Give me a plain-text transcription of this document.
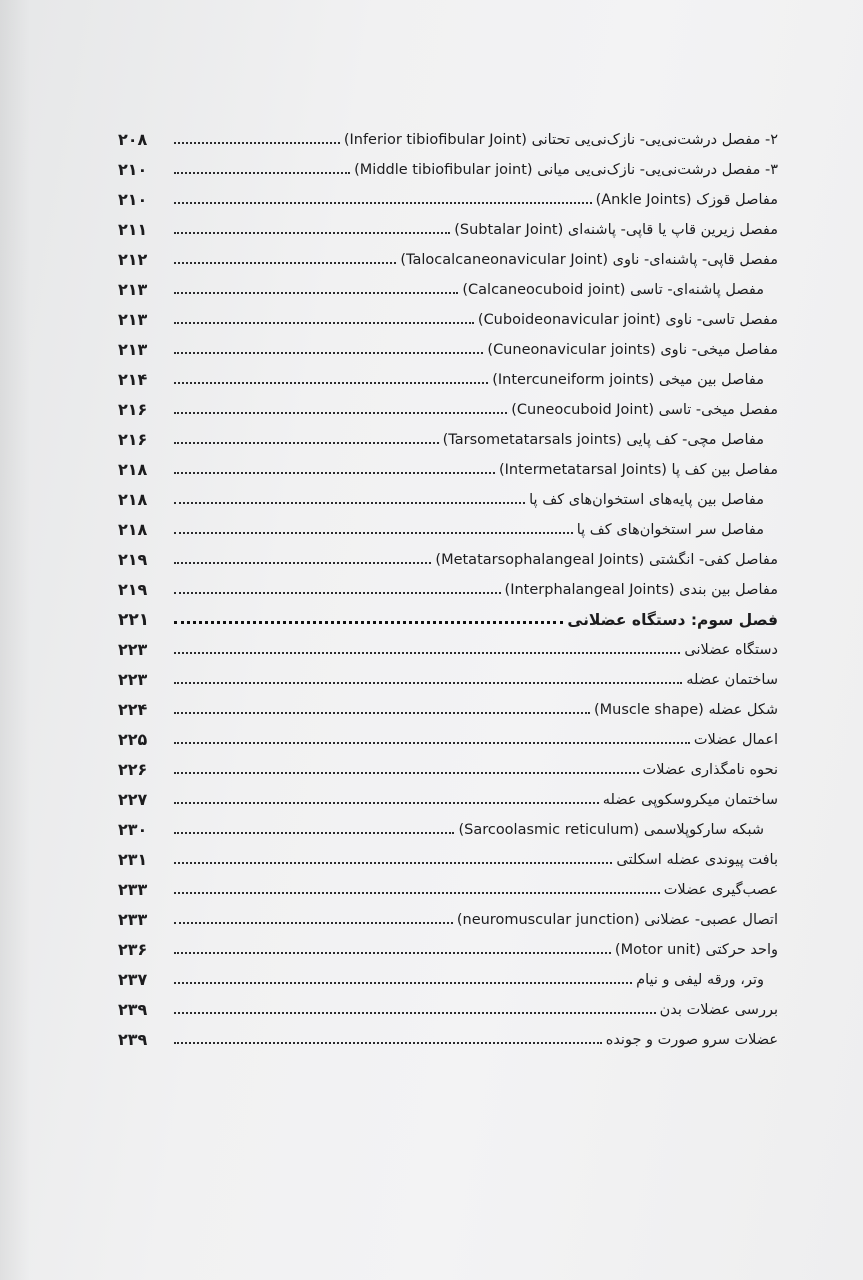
۲- مفصل درشت‌نی‌یی- نازک‌نی‌یی تحتانی (Inferior tibiofibular Joint)
۲۰۸
۳- مفصل درشت‌نی‌یی- نازک‌نی‌یی میانی (Middle tibiofibular joint)
۲۱۰
مفاصل قوزک (Ankle Joints)
۲۱۰
مفصل زیرین قاپ یا قاپی- پاشنه‌ای (Subtalar Joint)
۲۱۱
مفصل قاپی- پاشنه‌ای- ناوی (Talocalcaneonavicular Joint)
۲۱۲
مفصل پاشنه‌ای- تاسی (Calcaneocuboid joint)
۲۱۳
مفصل تاسی- ناوی (Cuboideonavicular joint)
۲۱۳
مفاصل میخی- ناوی (Cuneonavicular joints)
۲۱۳
مفاصل بین میخی (Intercuneiform joints)
۲۱۴
مفصل میخی- تاسی (Cuneocuboid Joint)
۲۱۶
مفاصل مچی- کف پایی (Tarsometatarsals joints)
۲۱۶
مفاصل بین کف پا (Intermetatarsal Joints)
۲۱۸
مفاصل بین پایه‌های استخوان‌های کف پا
۲۱۸
مفاصل سر استخوان‌های کف پا
۲۱۸
مفاصل کفی- انگشتی (Metatarsophalangeal Joints)
۲۱۹
مفاصل بین بندی (Interphalangeal Joints)
۲۱۹
فصل سوم: دستگاه عضلانی
۲۲۱
دستگاه عضلانی
۲۲۳
ساختمان عضله
۲۲۳
شکل عضله (Muscle shape)
۲۲۴
اعمال عضلات
۲۲۵
نحوه نامگذاری عضلات
۲۲۶
ساختمان میکروسکوپی عضله
۲۲۷
شبکه سارکوپلاسمی (Sarcoolasmic reticulum)
۲۳۰
بافت پیوندی عضله اسکلتی
۲۳۱
عصب‌گیری عضلات
۲۳۳
اتصال عصبی- عضلانی (neuromuscular junction)
۲۳۳
واحد حرکتی (Motor unit)
۲۳۶
وتر، ورقه لیفی و نیام
۲۳۷
بررسی عضلات بدن
۲۳۹
عضلات سرو صورت و جونده
۲۳۹
